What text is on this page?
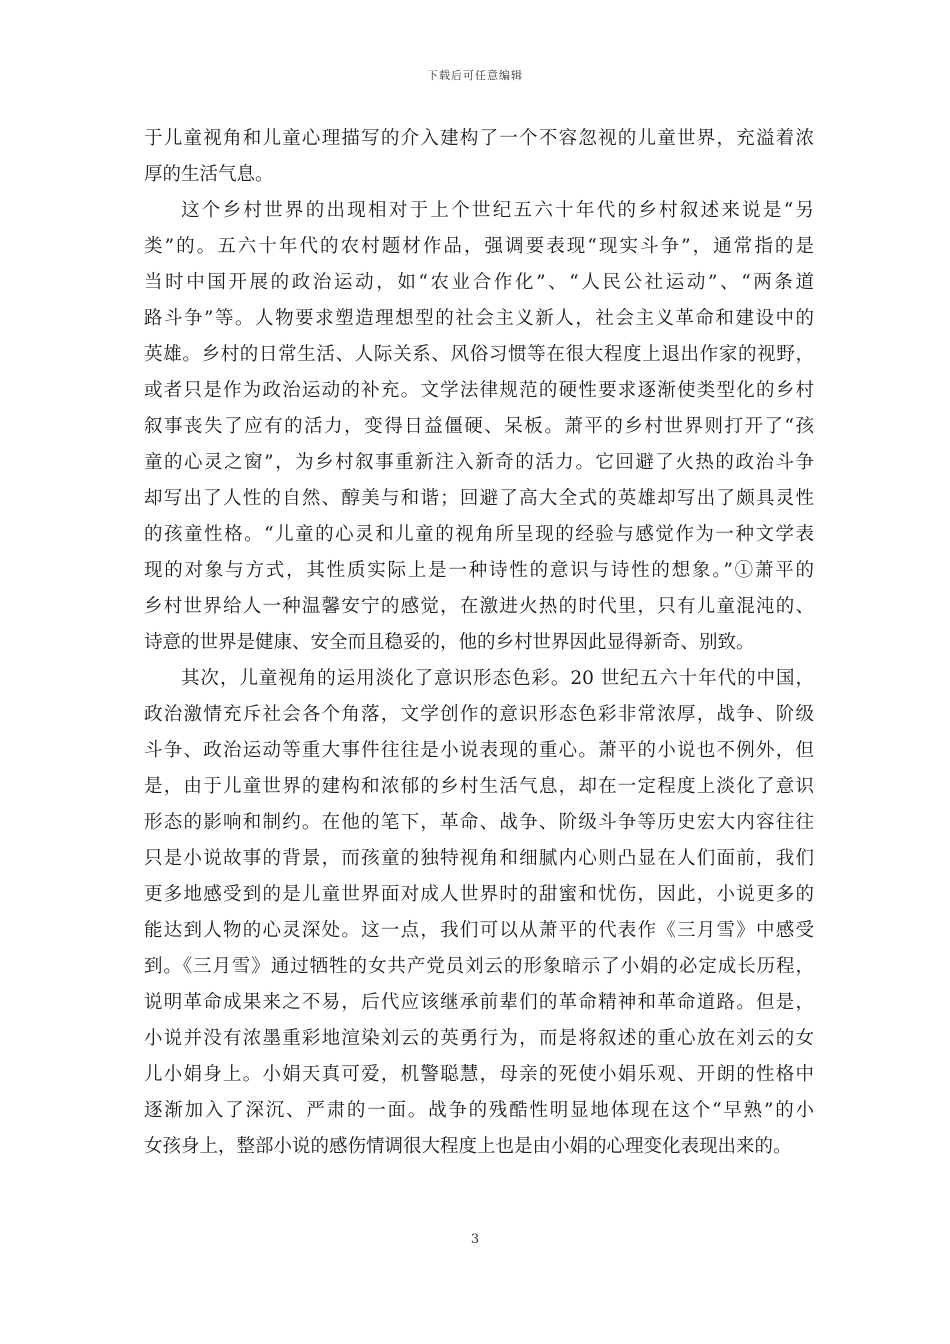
下载后可任意编辑
于儿童视角和儿童心理描写的介入建构了一个不容忽视的儿童世界，充溢着浓
厚的生活气息。
这个乡村世界的出现相对于上个世纪五六十年代的乡村叙述来说是“另
类”的。五六十年代的农村题材作品，强调要表现“现实斗争”，通常指的是
当时中国开展的政治运动，如“农业合作化”、“人民公社运动”、“两条道
路斗争”等。人物要求塑造理想型的社会主义新人，社会主义革命和建设中的
英雄。乡村的日常生活、人际关系、风俗习惯等在很大程度上退出作家的视野，
或者只是作为政治运动的补充。文学法律规范的硬性要求逐渐使类型化的乡村
叙事丧失了应有的活力，变得日益僵硬、呆板。萧平的乡村世界则打开了“孩
童的心灵之窗”，为乡村叙事重新注入新奇的活力。它回避了火热的政治斗争
却写出了人性的自然、醇美与和谐；回避了高大全式的英雄却写出了颇具灵性
的孩童性格。“儿童的心灵和儿童的视角所呈现的经验与感觉作为一种文学表
现的对象与方式，其性质实际上是一种诗性的意识与诗性的想象。”①萧平的
乡村世界给人一种温馨安宁的感觉，在激进火热的时代里，只有儿童混沌的、
诗意的世界是健康、安全而且稳妥的，他的乡村世界因此显得新奇、别致。
其次，儿童视角的运用淡化了意识形态色彩。20 世纪五六十年代的中国，
政治激情充斥社会各个角落，文学创作的意识形态色彩非常浓厚，战争、阶级
斗争、政治运动等重大事件往往是小说表现的重心。萧平的小说也不例外，但
是，由于儿童世界的建构和浓郁的乡村生活气息，却在一定程度上淡化了意识
形态的影响和制约。在他的笔下，革命、战争、阶级斗争等历史宏大内容往往
只是小说故事的背景，而孩童的独特视角和细腻内心则凸显在人们面前，我们
更多地感受到的是儿童世界面对成人世界时的甜蜜和忧伤，因此，小说更多的
能达到人物的心灵深处。这一点，我们可以从萧平的代表作《三月雪》中感受
到。《三月雪》通过牺牲的女共产党员刘云的形象暗示了小娟的必定成长历程，
说明革命成果来之不易，后代应该继承前辈们的革命精神和革命道路。但是，
小说并没有浓墨重彩地渲染刘云的英勇行为，而是将叙述的重心放在刘云的女
儿小娟身上。小娟天真可爱，机警聪慧，母亲的死使小娟乐观、开朗的性格中
逐渐加入了深沉、严肃的一面。战争的残酷性明显地体现在这个“早熟”的小
女孩身上，整部小说的感伤情调很大程度上也是由小娟的心理变化表现出来的。
3
